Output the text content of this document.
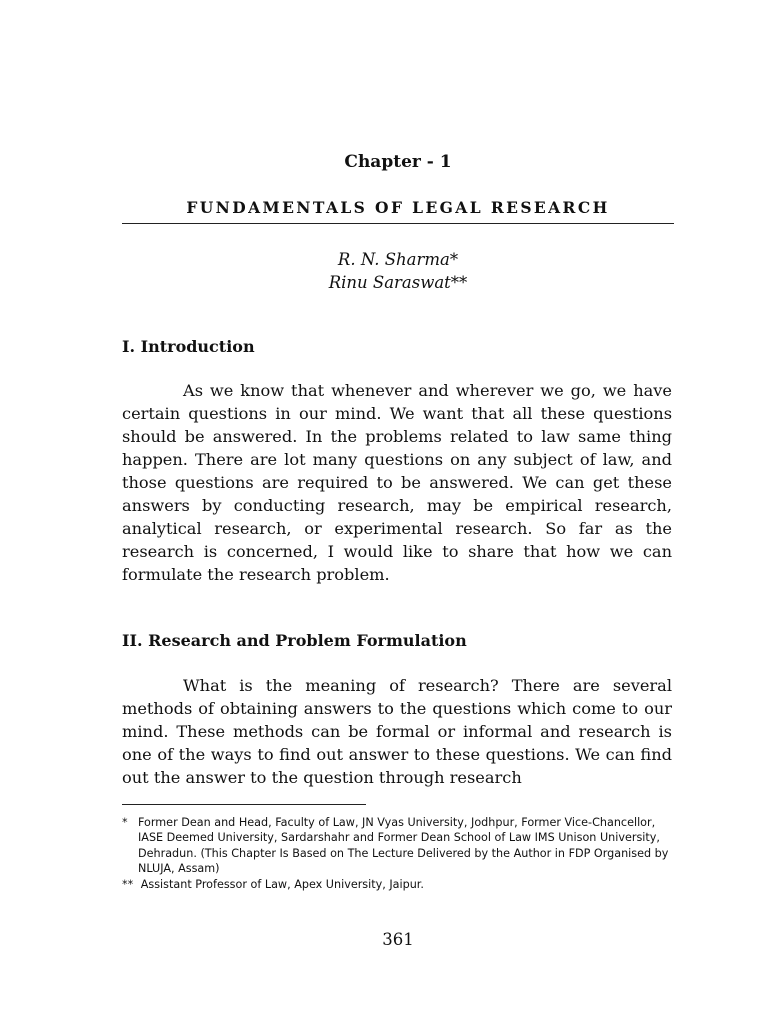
Chapter - 1
FUNDAMENTALS OF LEGAL RESEARCH
R. N. Sharma*
Rinu Saraswat**
I. Introduction

As we know that whenever and wherever we go, we have certain questions in our mind. We want that all these questions should be answered. In the problems related to law same thing happen. There are lot many questions on any subject of law, and those questions are required to be answered. We can get these answers by conducting research, may be empirical research, analytical research, or experimental research. So far as the research is concerned, I would like to share that how we can formulate the research problem.

II. Research and Problem Formulation

What is the meaning of research? There are several methods of obtaining answers to the questions which come to our mind. These methods can be formal or informal and research is one of the ways to find out answer to these questions. We can find out the answer to the question through research

* Former Dean and Head, Faculty of Law, JN Vyas University, Jodhpur, Former Vice-Chancellor, IASE Deemed University, Sardarshahr and Former Dean School of Law IMS Unison University, Dehradun. (This Chapter Is Based on The Lecture Delivered by the Author in FDP Organised by NLUJA, Assam)
** Assistant Professor of Law, Apex University, Jaipur.
361
